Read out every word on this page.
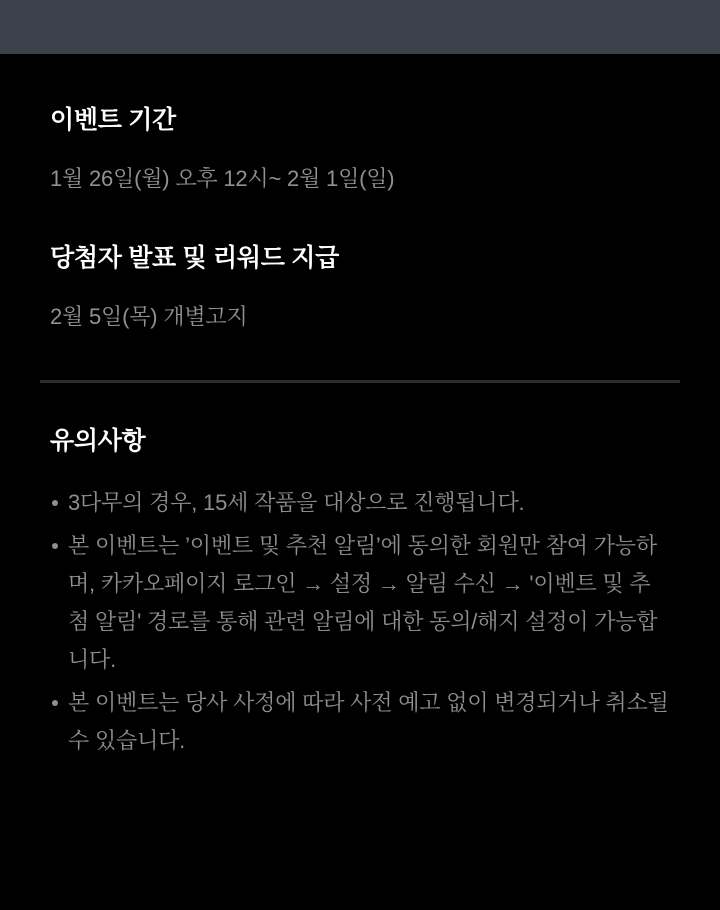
이벤트 기간

1월 26일(월) 오후 12시~ 2월 1일(일)

당첨자 발표 및 리워드 지급

2월 5일(목) 개별고지

유의사항
3다무의 경우, 15세 작품을 대상으로 진행됩니다.
본 이벤트는 ’이벤트 및 추천 알림’에 동의한 회원만 참여 가능하며, 카카오페이지 로그인 → 설정 → 알림 수신 → '이벤트 및 추첨 알림' 경로를 통해 관련 알림에 대한 동의/해지 설정이 가능합니다.
본 이벤트는 당사 사정에 따라 사전 예고 없이 변경되거나 취소될 수 있습니다.
